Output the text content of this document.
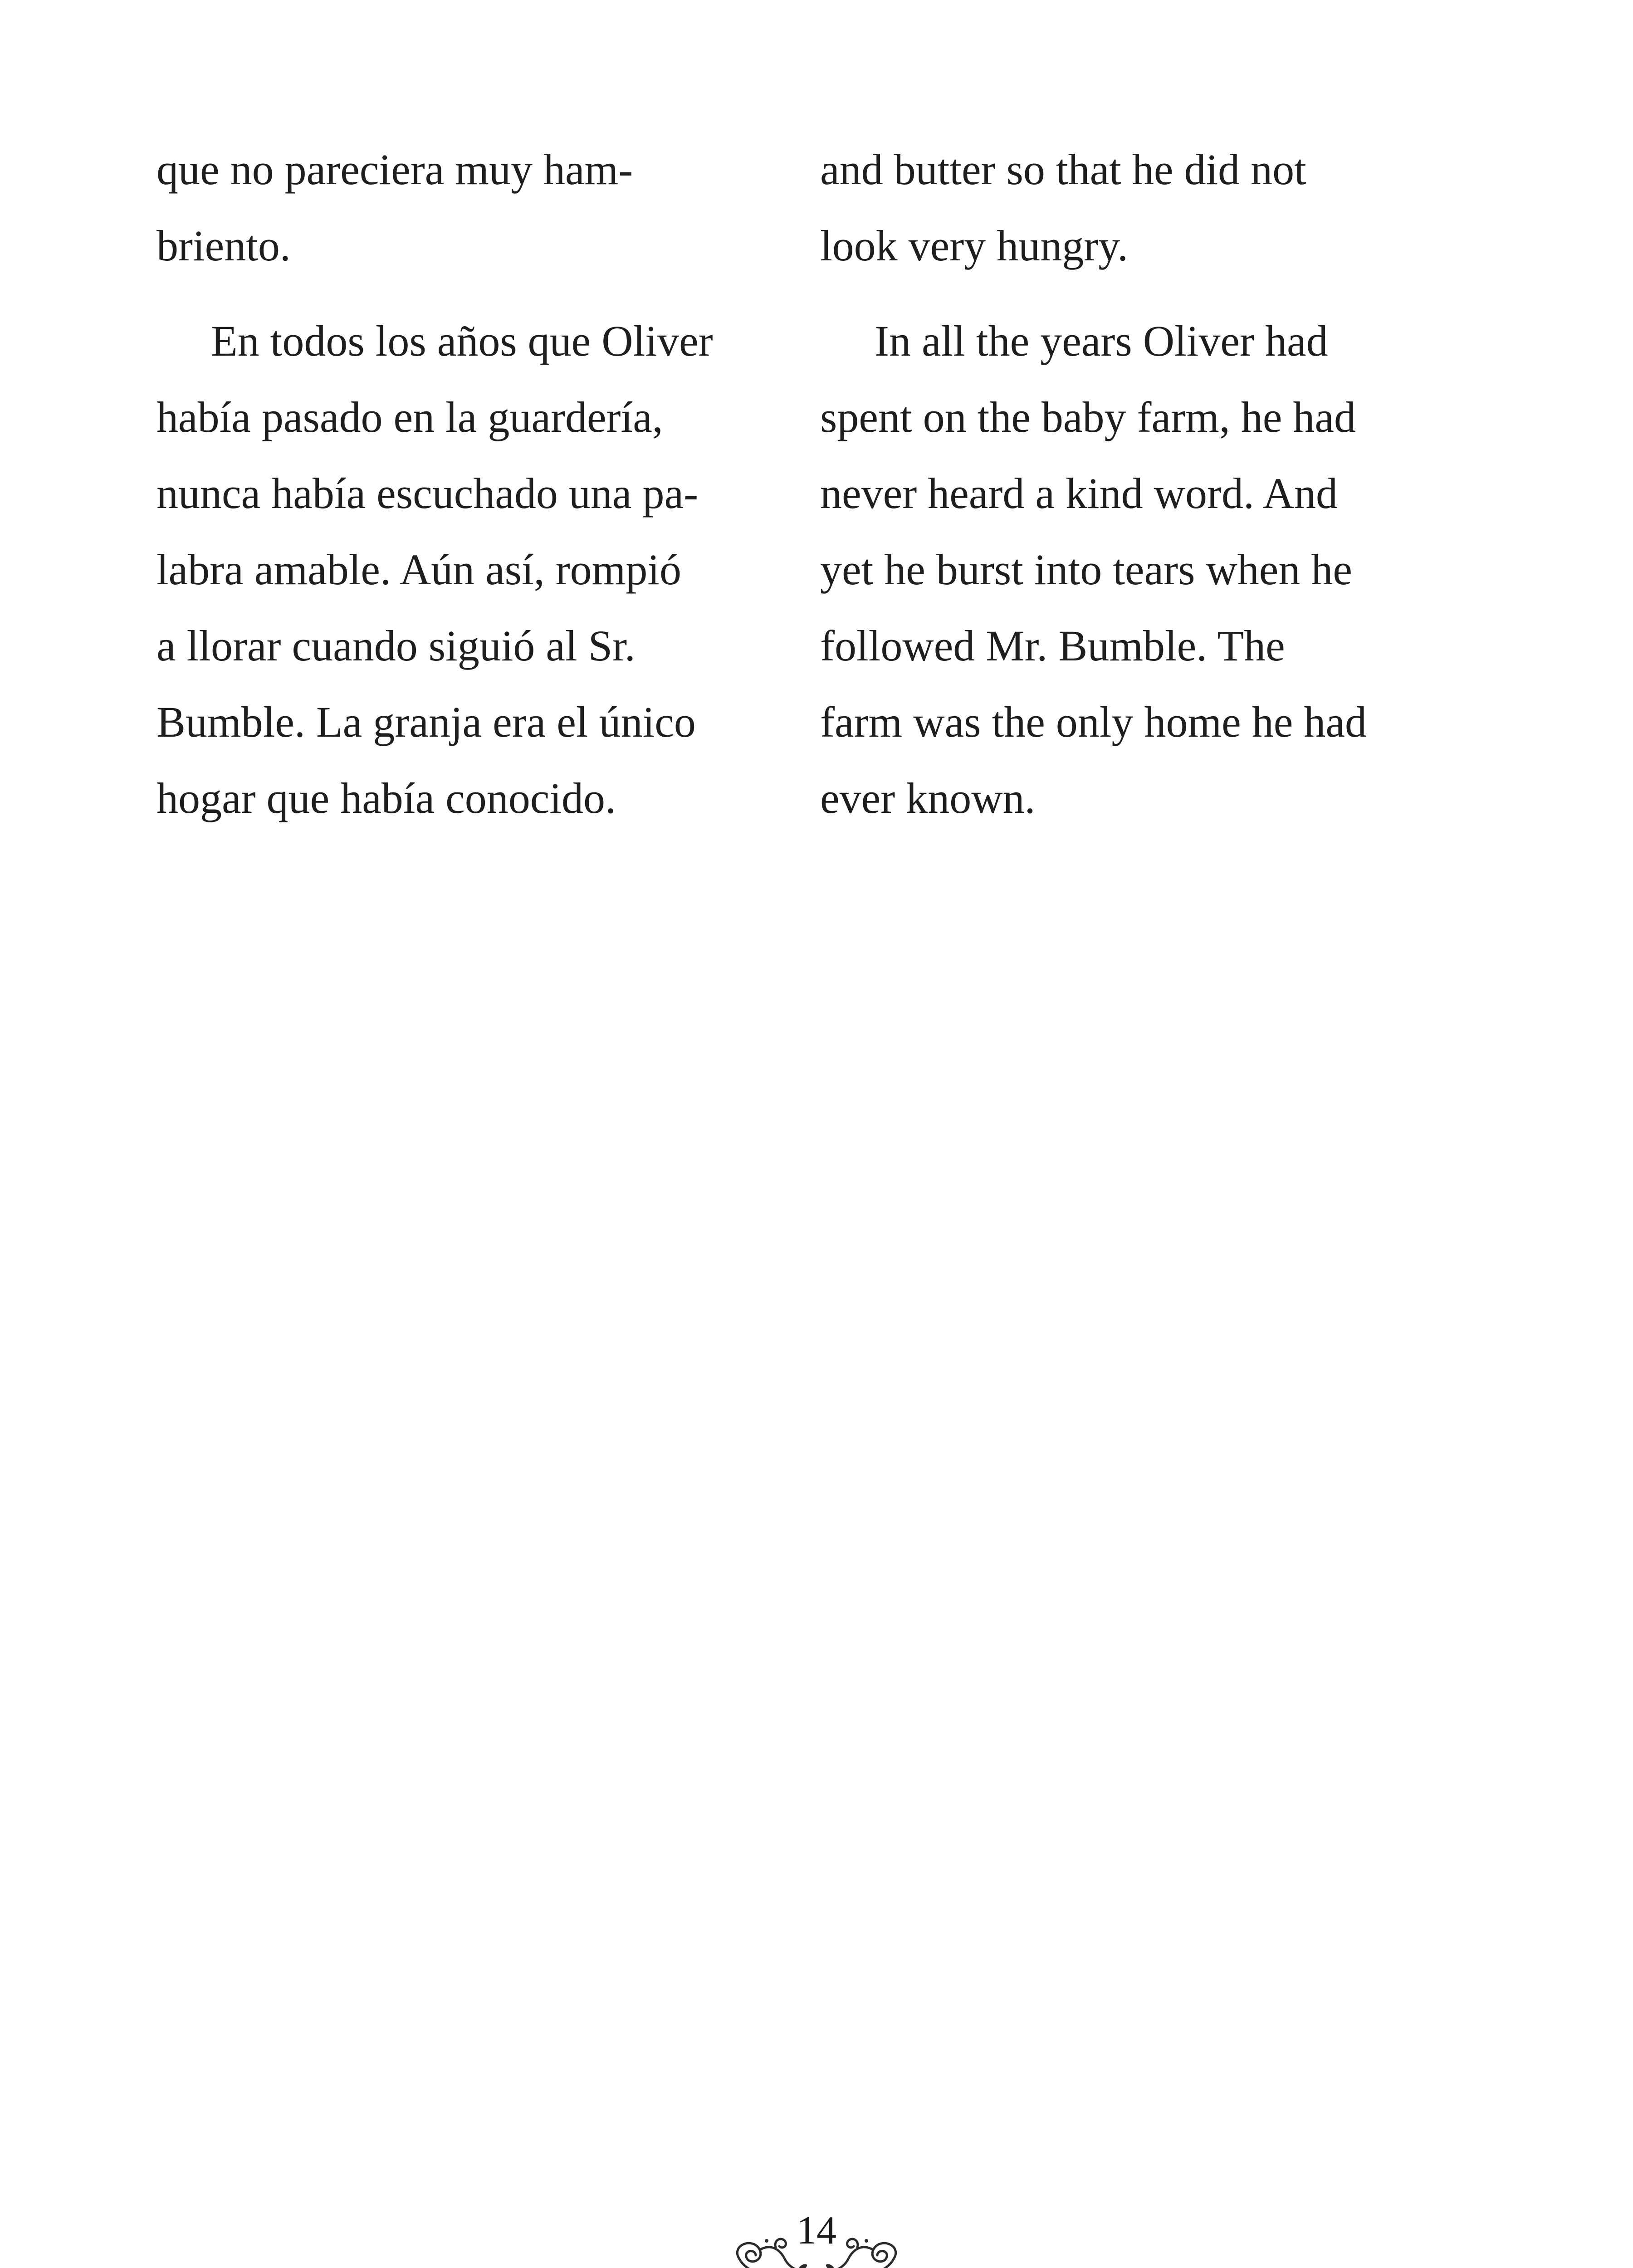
que no pareciera muy ham-
briento.

En todos los años que Oliver
había pasado en la guardería,
nunca había escuchado una pa-
labra amable. Aún así, rompió
a llorar cuando siguió al Sr.
Bumble. La granja era el único
hogar que había conocido.

and butter so that he did not
look very hungry.

In all the years Oliver had
spent on the baby farm, he had
never heard a kind word. And
yet he burst into tears when he
followed Mr. Bumble. The
farm was the only home he had
ever known.

14
